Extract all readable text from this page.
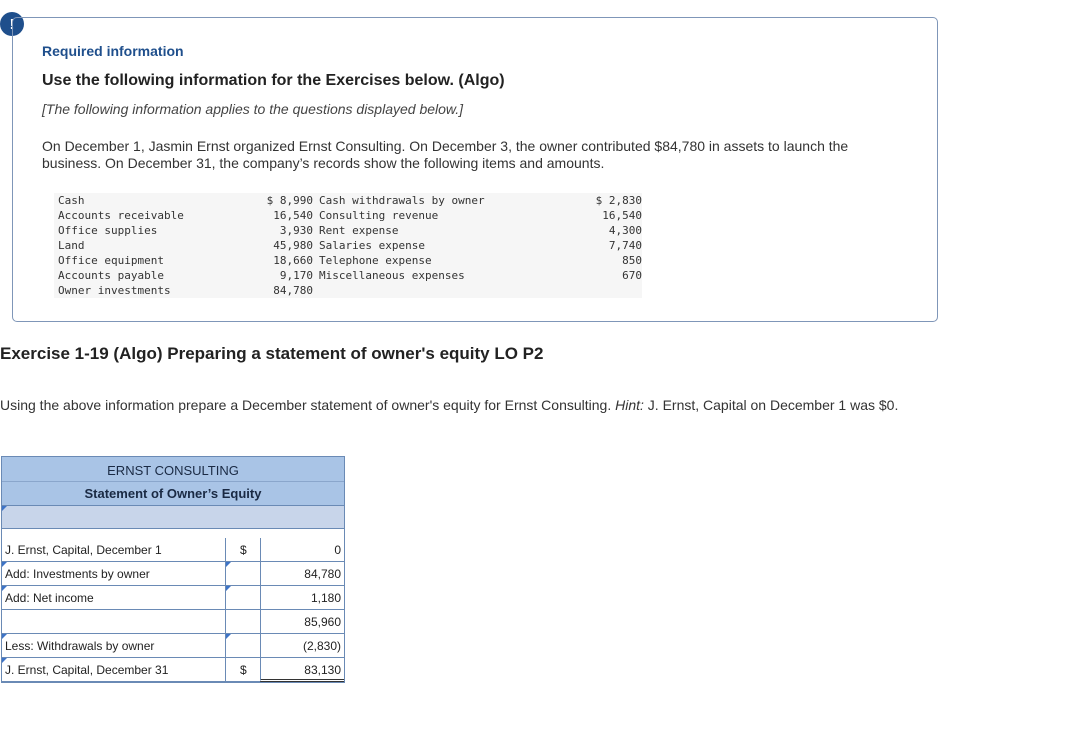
!
Required information
Use the following information for the Exercises below. (Algo)
[The following information applies to the questions displayed below.]
On December 1, Jasmin Ernst organized Ernst Consulting. On December 3, the owner contributed $84,780 in assets to launch the business. On December 31, the company’s records show the following items and amounts.
Cash	$ 8,990 Cash withdrawals by owner	$ 2,830
Accounts receivable	16,540 Consulting revenue	16,540
Office supplies	3,930 Rent expense	4,300
Land	45,980 Salaries expense	7,740
Office equipment	18,660 Telephone expense	850
Accounts payable	9,170 Miscellaneous expenses	670
Owner investments	84,780
Exercise 1-19 (Algo) Preparing a statement of owner's equity LO P2
Using the above information prepare a December statement of owner's equity for Ernst Consulting. Hint: J. Ernst, Capital on December 1 was $0.
ERNST CONSULTING
Statement of Owner’s Equity
J. Ernst, Capital, December 1	$	0
Add: Investments by owner	84,780
Add: Net income	1,180
85,960
Less: Withdrawals by owner	(2,830)
J. Ernst, Capital, December 31	$	83,130
